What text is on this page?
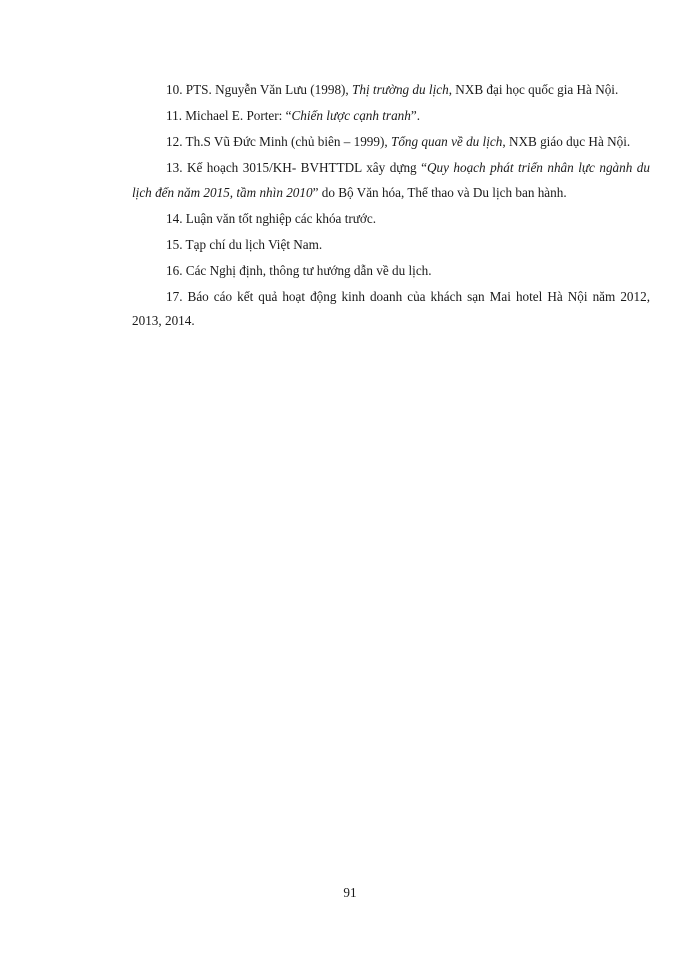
10. PTS. Nguyễn Văn Lưu (1998), Thị trường du lịch, NXB đại học quốc gia Hà Nội.

11. Michael E. Porter: “Chiến lược cạnh tranh”.

12. Th.S Vũ Đức Minh (chủ biên – 1999), Tổng quan về du lịch, NXB giáo dục Hà Nội.

13. Kế hoạch 3015/KH- BVHTTDL xây dựng “Quy hoạch phát triển nhân lực ngành du lịch đến năm 2015, tầm nhìn 2010” do Bộ Văn hóa, Thể thao và Du lịch ban hành.

14. Luận văn tốt nghiệp các khóa trước.

15. Tạp chí du lịch Việt Nam.

16. Các Nghị định, thông tư hướng dẫn về du lịch.

17. Báo cáo kết quả hoạt động kinh doanh của khách sạn Mai hotel Hà Nội năm 2012, 2013, 2014.

91
